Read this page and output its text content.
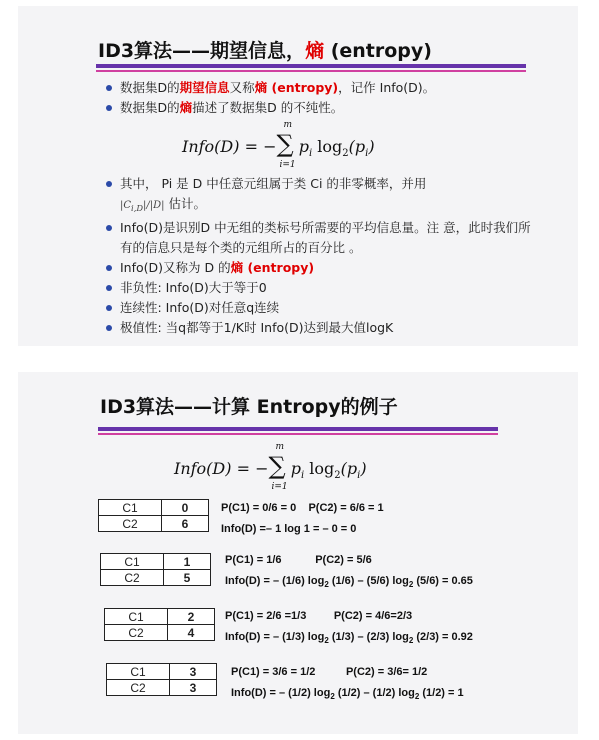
ID3算法——期望信息，熵 (entropy)
数据集D的期望信息又称熵 (entropy)，记作 Info(D)。
数据集D的熵描述了数据集D 的不纯性。
其中， Pi 是 D 中任意元组属于类 Ci 的非零概率，并用
$|C_{i,D}|/|D|$ 估计。
Info(D)是识别D 中无组的类标号所需要的平均信息量。注 意，此时我们所有的信息只是每个类的元组所占的百分比 。
Info(D)又称为 D 的熵 (entropy)
非负性: Info(D)大于等于0
连续性: Info(D)对任意q连续
极值性: 当q都等于1/K时 Info(D)达到最大值logK
Info(D) = −∑
m
i=1
$p_i$ $\log_2(p_i)$
ID3算法——计算 Entropy的例子
Info(D) = −∑
m
i=1
$p_i$ $\log_2(p_i)$
C1	0
C2	6
P(C1) = 0/6 = 0 P(C2) = 6/6 = 1
Info(D) =– 1 log 1 = – 0 = 0
C1	1
C2	5
P(C1) = 1/6	P(C2) = 5/6
Info(D) = – (1/6) $\log_2 (1/6) - (5/6)$ $\log_2 (5/6) = 0.65$
C1	2
C2	4
P(C1) = 2/6 =1/3	P(C2) = 4/6=2/3
Info(D) = – (1/3) $\log_2 (1/3) - (2/3)$ $\log_2 (2/3) = 0.92$
C1	3
C2	3
P(C1) = 3/6 = 1/2	P(C2) = 3/6= 1/2
Info(D) = – (1/2) $\log_2 (1/2) - (1/2)$ $\log_2 (1/2) = 1$
